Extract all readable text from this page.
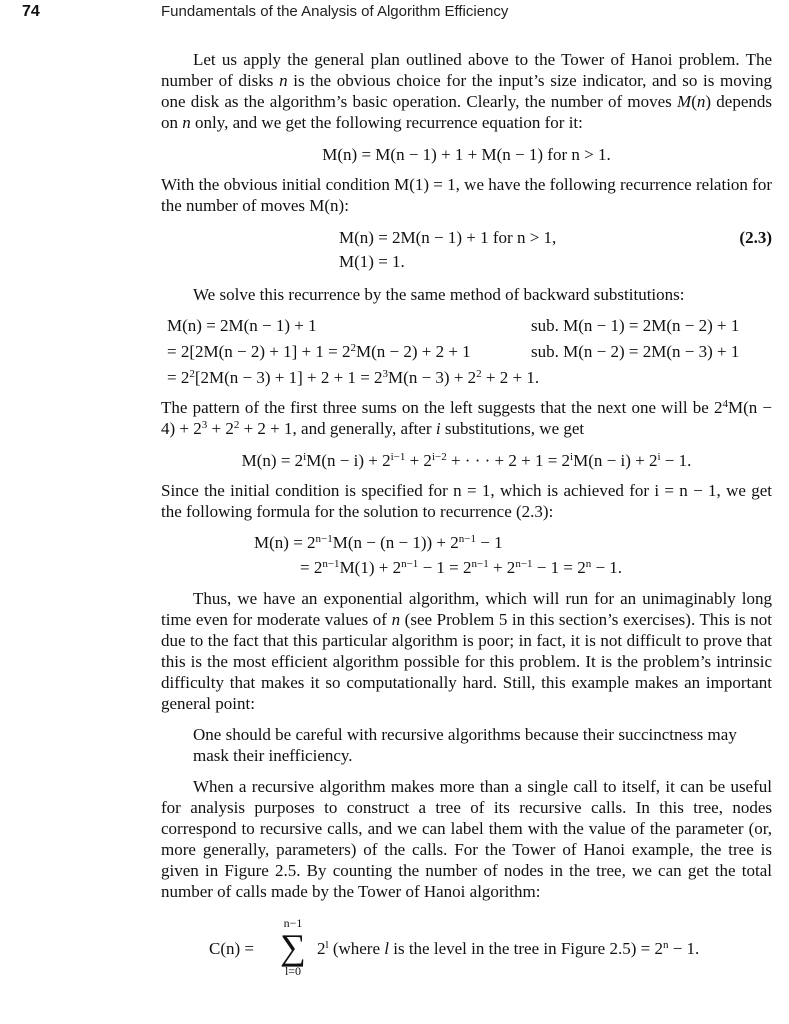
74	Fundamentals of the Analysis of Algorithm Efficiency

Let us apply the general plan outlined above to the Tower of Hanoi problem. The number of disks n is the obvious choice for the input’s size indicator, and so is moving one disk as the algorithm’s basic operation. Clearly, the number of moves M(n) depends on n only, and we get the following recurrence equation for it:

M(n) = M(n − 1) + 1 + M(n − 1) for n > 1.

With the obvious initial condition M(1) = 1, we have the following recurrence relation for the number of moves M(n):

M(n) = 2M(n − 1) + 1 for n > 1,
M(1) = 1.
(2.3)

We solve this recurrence by the same method of backward substitutions:

M(n) = 2M(n − 1) + 1	sub. M(n − 1) = 2M(n − 2) + 1
= $2[2M(n - 2) + 1] + 1 = 2^2M(n - 2) + 2 + 1$	sub. M(n − 2) = 2M(n − 3) + 1
= $2^2[2M(n - 3) + 1] + 2 + 1 = 2^3M(n - 3) + 2^2 + 2 + 1$.

The pattern of the first three sums on the left suggests that the next one will be $2^4M(n - 4) + 2^3 + 2^2 + 2 + 1$, and generally, after i substitutions, we get

$M(n) = 2^iM(n - i) + 2^{i-1} + 2^{i-2}$ + · · · + $2 + 1 = 2^iM(n - i) + 2^i - 1$.

Since the initial condition is specified for n = 1, which is achieved for i = n − 1, we get the following formula for the solution to recurrence (2.3):

$M(n) = 2^{n-1}M(n - (n - 1)) + 2^{n-1} - 1$
= $2^{n-1}M(1) + 2^{n-1} - 1 = 2^{n-1} + 2^{n-1} - 1 = 2^n - 1$.

Thus, we have an exponential algorithm, which will run for an unimaginably long time even for moderate values of n (see Problem 5 in this section’s exercises). This is not due to the fact that this particular algorithm is poor; in fact, it is not difficult to prove that this is the most efficient algorithm possible for this problem. It is the problem’s intrinsic difficulty that makes it so computationally hard. Still, this example makes an important general point:

One should be careful with recursive algorithms because their succinctness may mask their inefficiency.

When a recursive algorithm makes more than a single call to itself, it can be useful for analysis purposes to construct a tree of its recursive calls. In this tree, nodes correspond to recursive calls, and we can label them with the value of the parameter (or, more generally, parameters) of the calls. For the Tower of Hanoi example, the tree is given in Figure 2.5. By counting the number of nodes in the tree, we can get the total number of calls made by the Tower of Hanoi algorithm:

C(n) =
n−1
∑
l=0
2$^l$ (where l is the level in the tree in Figure $2.5) = 2^n - 1$.
